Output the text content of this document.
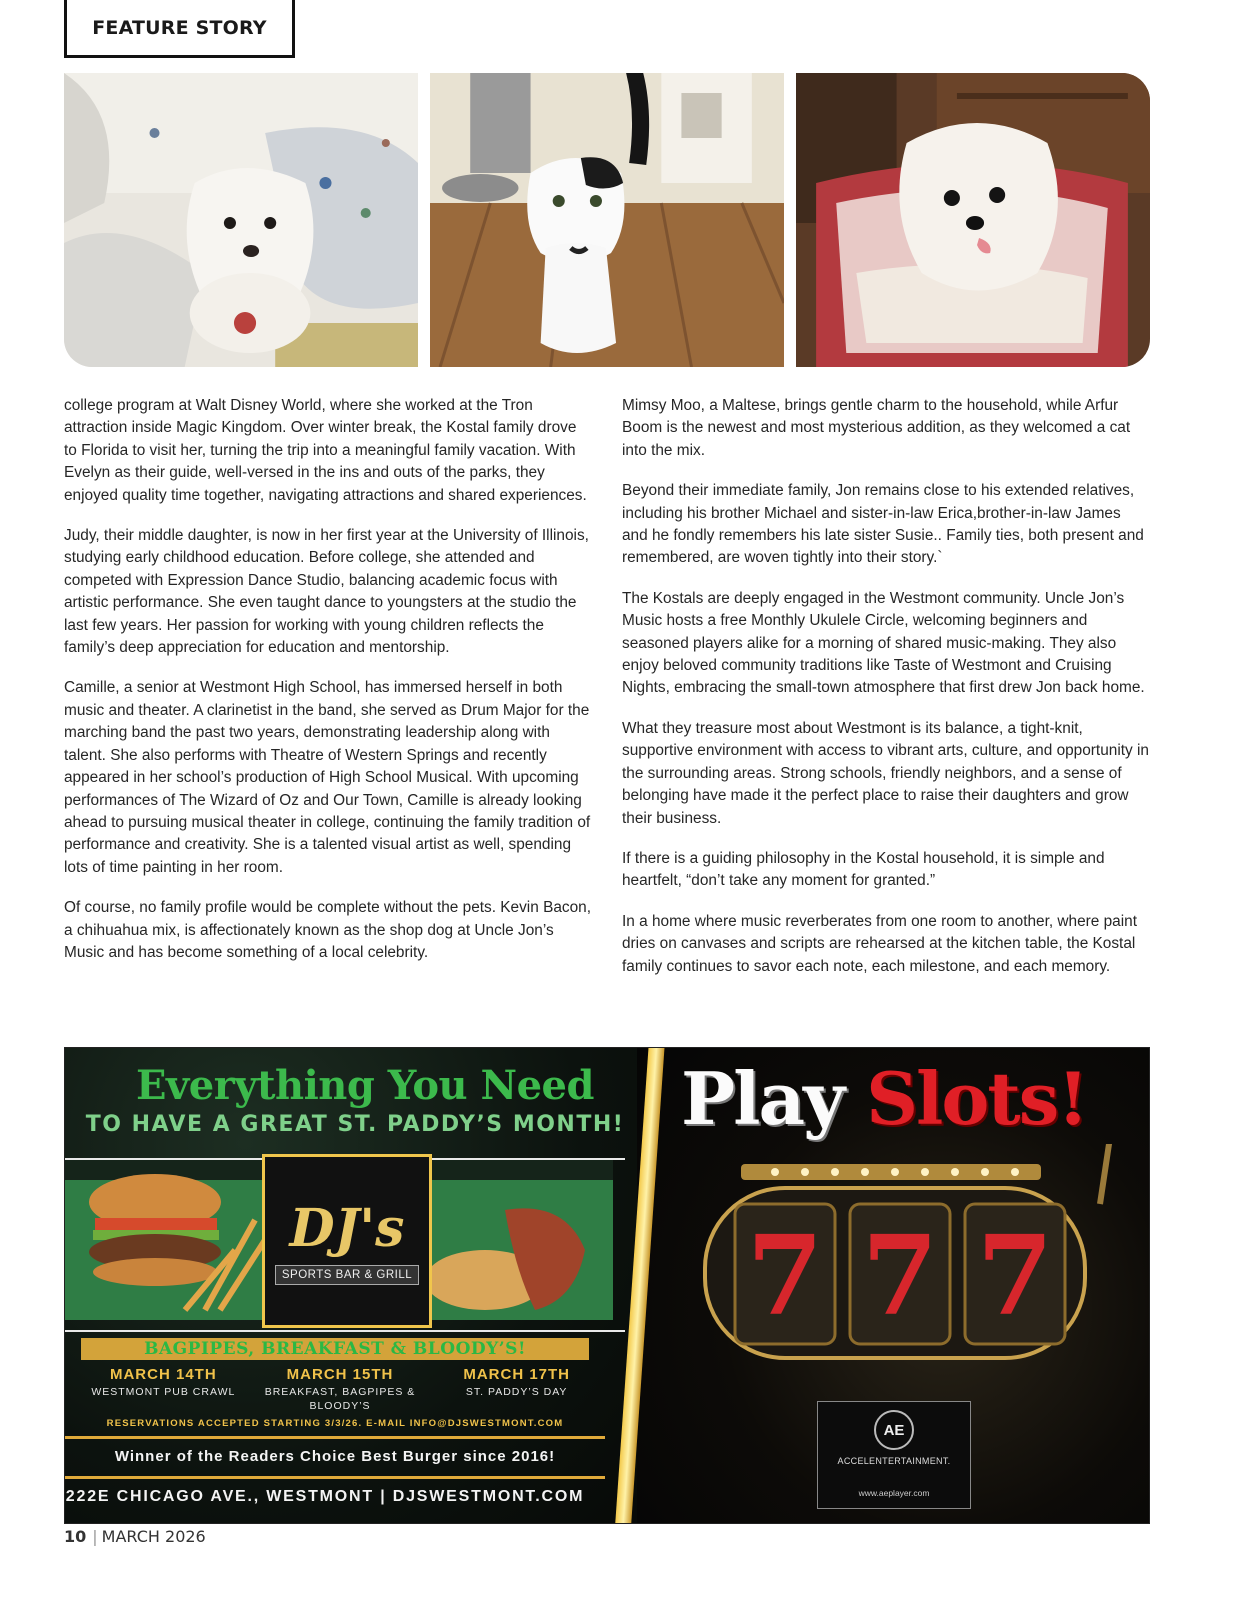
FEATURE STORY

college program at Walt Disney World, where she worked at the Tron attraction inside Magic Kingdom. Over winter break, the Kostal family drove to Florida to visit her, turning the trip into a meaningful family vacation. With Evelyn as their guide, well-versed in the ins and outs of the parks, they enjoyed quality time together, navigating attractions and shared experiences.

Judy, their middle daughter, is now in her first year at the University of Illinois, studying early childhood education. Before college, she attended and competed with Expression Dance Studio, balancing academic focus with artistic performance. She even taught dance to youngsters at the studio the last few years. Her passion for working with young children reflects the family’s deep appreciation for education and mentorship.

Camille, a senior at Westmont High School, has immersed herself in both music and theater. A clarinetist in the band, she served as Drum Major for the marching band the past two years, demonstrating leadership along with talent. She also performs with Theatre of Western Springs and recently appeared in her school’s production of High School Musical. With upcoming performances of The Wizard of Oz and Our Town, Camille is already looking ahead to pursuing musical theater in college, continuing the family tradition of performance and creativity. She is a talented visual artist as well, spending lots of time painting in her room.

Of course, no family profile would be complete without the pets. Kevin Bacon, a chihuahua mix, is affectionately known as the shop dog at Uncle Jon’s Music and has become something of a local celebrity.

Mimsy Moo, a Maltese, brings gentle charm to the household, while Arfur Boom is the newest and most mysterious addition, as they welcomed a cat into the mix.

Beyond their immediate family, Jon remains close to his extended relatives, including his brother Michael and sister-in-law Erica,brother-in-law James and he fondly remembers his late sister Susie.. Family ties, both present and remembered, are woven tightly into their story.`

The Kostals are deeply engaged in the Westmont community. Uncle Jon’s Music hosts a free Monthly Ukulele Circle, welcoming beginners and seasoned players alike for a morning of shared music-making. They also enjoy beloved community traditions like Taste of Westmont and Cruising Nights, embracing the small-town atmosphere that first drew Jon back home.

What they treasure most about Westmont is its balance, a tight-knit, supportive environment with access to vibrant arts, culture, and opportunity in the surrounding areas. Strong schools, friendly neighbors, and a sense of belonging have made it the perfect place to raise their daughters and grow their business.

If there is a guiding philosophy in the Kostal household, it is simple and heartfelt, “don’t take any moment for granted.”

In a home where music reverberates from one room to another, where paint dries on canvases and scripts are rehearsed at the kitchen table, the Kostal family continues to savor each note, each milestone, and each memory.

Everything You Need
TO HAVE A GREAT ST. PADDY’S MONTH!
DJ's
SPORTS BAR & GRILL
BAGPIPES, BREAKFAST & BLOODY’S!
MARCH 14TH
WESTMONT PUB CRAWL
MARCH 15TH
BREAKFAST, BAGPIPES & BLOODY’S
MARCH 17TH
ST. PADDY’S DAY
RESERVATIONS ACCEPTED STARTING 3/3/26. E-MAIL INFO@DJSWESTMONT.COM
Winner of the Readers Choice Best Burger since 2016!
222E CHICAGO AVE., WESTMONT | DJSWESTMONT.COM
Play Slots!
7 7 7
AE
ACCELENTERTAINMENT.
www.aeplayer.com
10 | MARCH 2026
